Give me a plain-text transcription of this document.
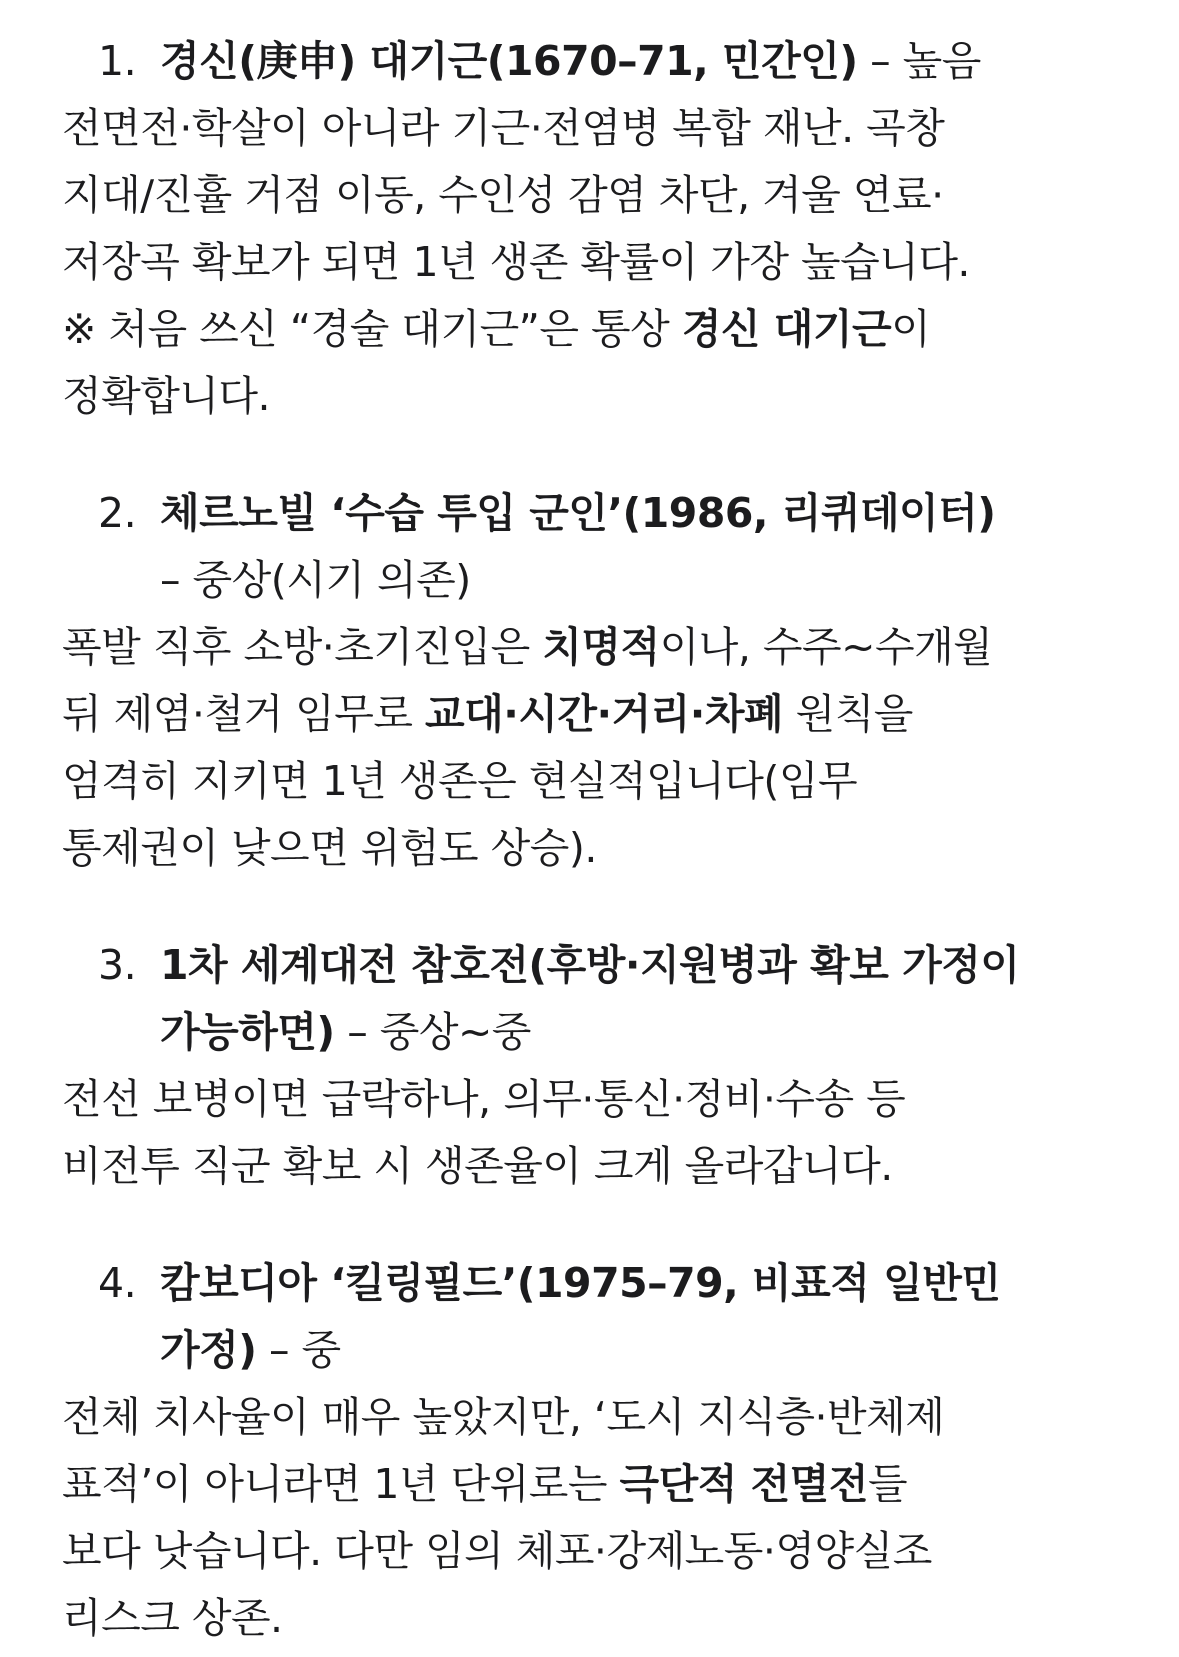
1. 경신(庚申) 대기근(1670–71, 민간인) – 높음
전면전·학살이 아니라 기근·전염병 복합 재난. 곡창
지대/진휼 거점 이동, 수인성 감염 차단, 겨울 연료·
저장곡 확보가 되면 1년 생존 확률이 가장 높습니다.
※ 처음 쓰신 “경술 대기근”은 통상 경신 대기근이
정확합니다.
2. 체르노빌 ‘수습 투입 군인’(1986, 리퀴데이터)
– 중상(시기 의존)
폭발 직후 소방·초기진입은 치명적이나, 수주~수개월
뒤 제염·철거 임무로 교대·시간·거리·차폐 원칙을
엄격히 지키면 1년 생존은 현실적입니다(임무
통제권이 낮으면 위험도 상승).
3. 1차 세계대전 참호전(후방·지원병과 확보 가정이
가능하면) – 중상~중
전선 보병이면 급락하나, 의무·통신·정비·수송 등
비전투 직군 확보 시 생존율이 크게 올라갑니다.
4. 캄보디아 ‘킬링필드’(1975–79, 비표적 일반민
가정) – 중
전체 치사율이 매우 높았지만, ‘도시 지식층·반체제
표적’이 아니라면 1년 단위로는 극단적 전멸전들
보다 낫습니다. 다만 임의 체포·강제노동·영양실조
리스크 상존.
